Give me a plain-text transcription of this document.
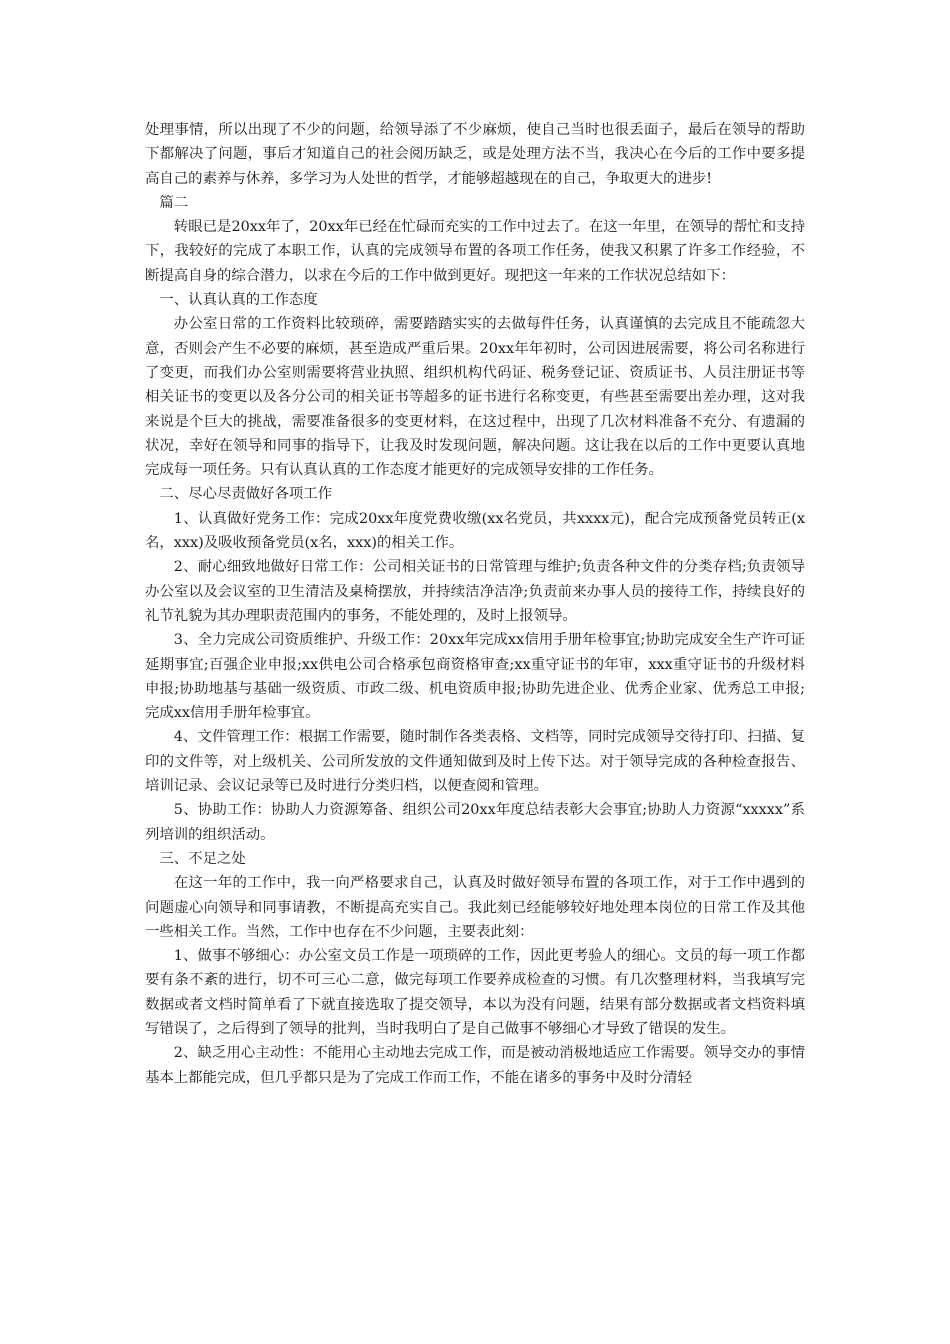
处理事情，所以出现了不少的问题，给领导添了不少麻烦，使自己当时也很丢面子，最后在领导的帮助下都解决了问题，事后才知道自己的社会阅历缺乏，或是处理方法不当，我决心在今后的工作中要多提高自己的素养与休养，多学习为人处世的哲学，才能够超越现在的自己，争取更大的进步!

篇二

转眼已是20xx年了，20xx年已经在忙碌而充实的工作中过去了。在这一年里，在领导的帮忙和支持下，我较好的完成了本职工作，认真的完成领导布置的各项工作任务，使我又积累了许多工作经验，不断提高自身的综合潜力，以求在今后的工作中做到更好。现把这一年来的工作状况总结如下：

一、认真认真的工作态度

办公室日常的工作资料比较琐碎，需要踏踏实实的去做每件任务，认真谨慎的去完成且不能疏忽大意，否则会产生不必要的麻烦，甚至造成严重后果。20xx年年初时，公司因进展需要，将公司名称进行了变更，而我们办公室则需要将营业执照、组织机构代码证、税务登记证、资质证书、人员注册证书等相关证书的变更以及各分公司的相关证书等超多的证书进行名称变更，有些甚至需要出差办理，这对我来说是个巨大的挑战，需要准备很多的变更材料，在这过程中，出现了几次材料准备不充分、有遗漏的状况，幸好在领导和同事的指导下，让我及时发现问题，解决问题。这让我在以后的工作中更要认真地完成每一项任务。只有认真认真的工作态度才能更好的完成领导安排的工作任务。

二、尽心尽责做好各项工作

1、认真做好党务工作：完成20xx年度党费收缴(xx名党员，共xxxx元)，配合完成预备党员转正(x名，xxx)及吸收预备党员(x名，xxx)的相关工作。

2、耐心细致地做好日常工作：公司相关证书的日常管理与维护;负责各种文件的分类存档;负责领导办公室以及会议室的卫生清洁及桌椅摆放，并持续洁净洁净;负责前来办事人员的接待工作，持续良好的礼节礼貌为其办理职责范围内的事务，不能处理的，及时上报领导。

3、全力完成公司资质维护、升级工作：20xx年完成xx信用手册年检事宜;协助完成安全生产许可证延期事宜;百强企业申报;xx供电公司合格承包商资格审查;xx重守证书的年审，xxx重守证书的升级材料申报;协助地基与基础一级资质、市政二级、机电资质申报;协助先进企业、优秀企业家、优秀总工申报;完成xx信用手册年检事宜。

4、文件管理工作：根据工作需要，随时制作各类表格、文档等，同时完成领导交待打印、扫描、复印的文件等，对上级机关、公司所发放的文件通知做到及时上传下达。对于领导完成的各种检查报告、培训记录、会议记录等已及时进行分类归档，以便查阅和管理。

5、协助工作：协助人力资源筹备、组织公司20xx年度总结表彰大会事宜;协助人力资源“xxxxx”系列培训的组织活动。

三、不足之处

在这一年的工作中，我一向严格要求自己，认真及时做好领导布置的各项工作，对于工作中遇到的问题虚心向领导和同事请教，不断提高充实自己。我此刻已经能够较好地处理本岗位的日常工作及其他一些相关工作。当然，工作中也存在不少问题，主要表此刻：

1、做事不够细心：办公室文员工作是一项琐碎的工作，因此更考验人的细心。文员的每一项工作都要有条不紊的进行，切不可三心二意，做完每项工作要养成检查的习惯。有几次整理材料，当我填写完数据或者文档时简单看了下就直接选取了提交领导，本以为没有问题，结果有部分数据或者文档资料填写错误了，之后得到了领导的批判，当时我明白了是自己做事不够细心才导致了错误的发生。

2、缺乏用心主动性：不能用心主动地去完成工作，而是被动消极地适应工作需要。领导交办的事情基本上都能完成，但几乎都只是为了完成工作而工作，不能在诸多的事务中及时分清轻
